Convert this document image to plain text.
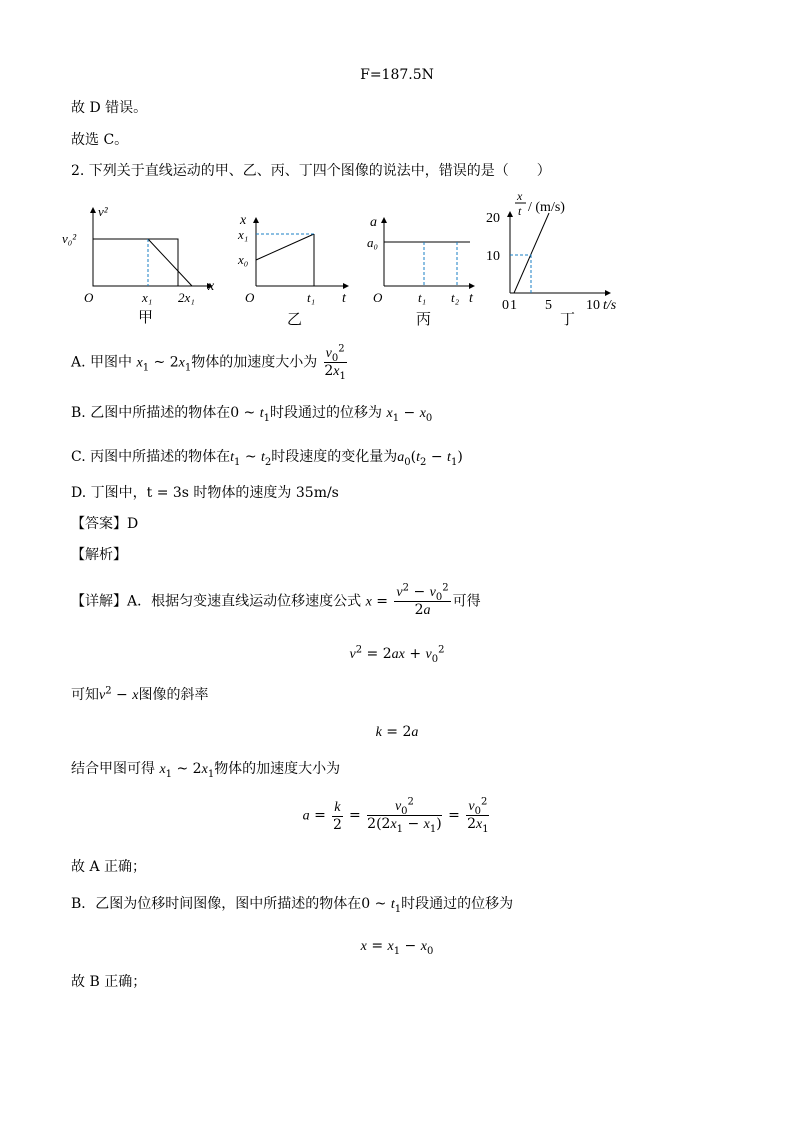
F=187.5N
故 D 错误。
故选 C。
2. 下列关于直线运动的甲、乙、丙、丁四个图像的说法中，错误的是（　　）
v²
v₀²
O	x₁ 2x₁
x
甲
x
x₁
x₀
O	t₁ t
乙
a
a₀
O	t₁ t₂ t
丙
x
t / (m/s)
20
10
0 1 5 10 t/s
丁
A. 甲图中 $x_1$ ~ $2x_1$物体的加速度大小为 $\frac{v_0^2}{2x_1}$
B. 乙图中所描述的物体在0 ~ $t_1$时段通过的位移为 $x_1 - x_0$
C. 丙图中所描述的物体在$t_1$ ~ $t_2$时段速度的变化量为$a_0(t_2 - t_1)$
D. 丁图中，t = 3s 时物体的速度为 35m/s
【答案】D
【解析】
【详解】A．根据匀变速直线运动位移速度公式 $x = \frac{v^2 - v_0^2}{2a}$ 可得
$v^2 = 2ax + v_0^2$
可知$v^2 - x$图像的斜率
k = 2a
结合甲图可得 $x_1$ ~ $2x_1$物体的加速度大小为
$a = \frac{k}{2} = \frac{v_0^2}{2(2x_1 - x_1)} = \frac{v_0^2}{2x_1}$
故 A 正确；
B．乙图为位移时间图像，图中所描述的物体在0 ~ $t_1$时段通过的位移为
$x = x_1 - x_0$
故 B 正确；
